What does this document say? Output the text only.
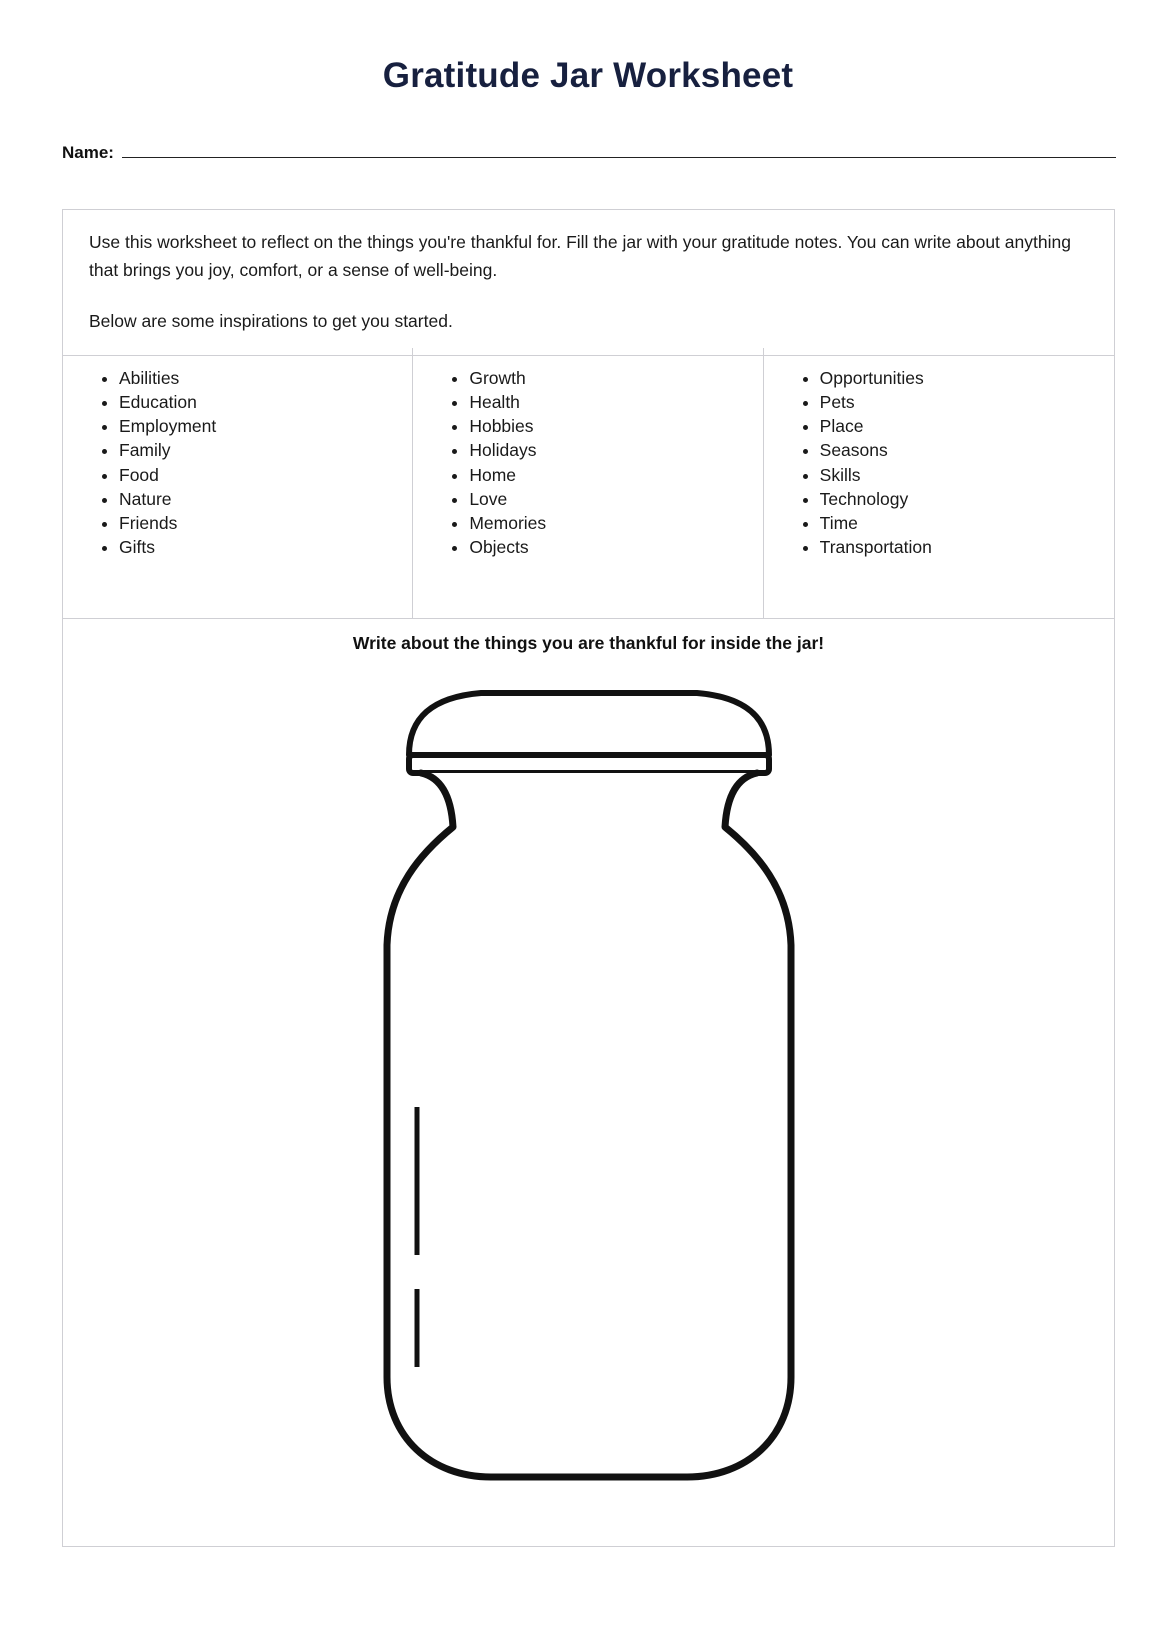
Gratitude Jar Worksheet
Name:

Use this worksheet to reflect on the things you're thankful for. Fill the jar with your gratitude notes. You can write about anything that brings you joy, comfort, or a sense of well-being.

Below are some inspirations to get you started.

• Abilities
• Education
• Employment
• Family
• Food
• Nature
• Friends
• Gifts
• Growth
• Health
• Hobbies
• Holidays
• Home
• Love
• Memories
• Objects
• Opportunities
• Pets
• Place
• Seasons
• Skills
• Technology
• Time
• Transportation

Write about the things you are thankful for inside the jar!
